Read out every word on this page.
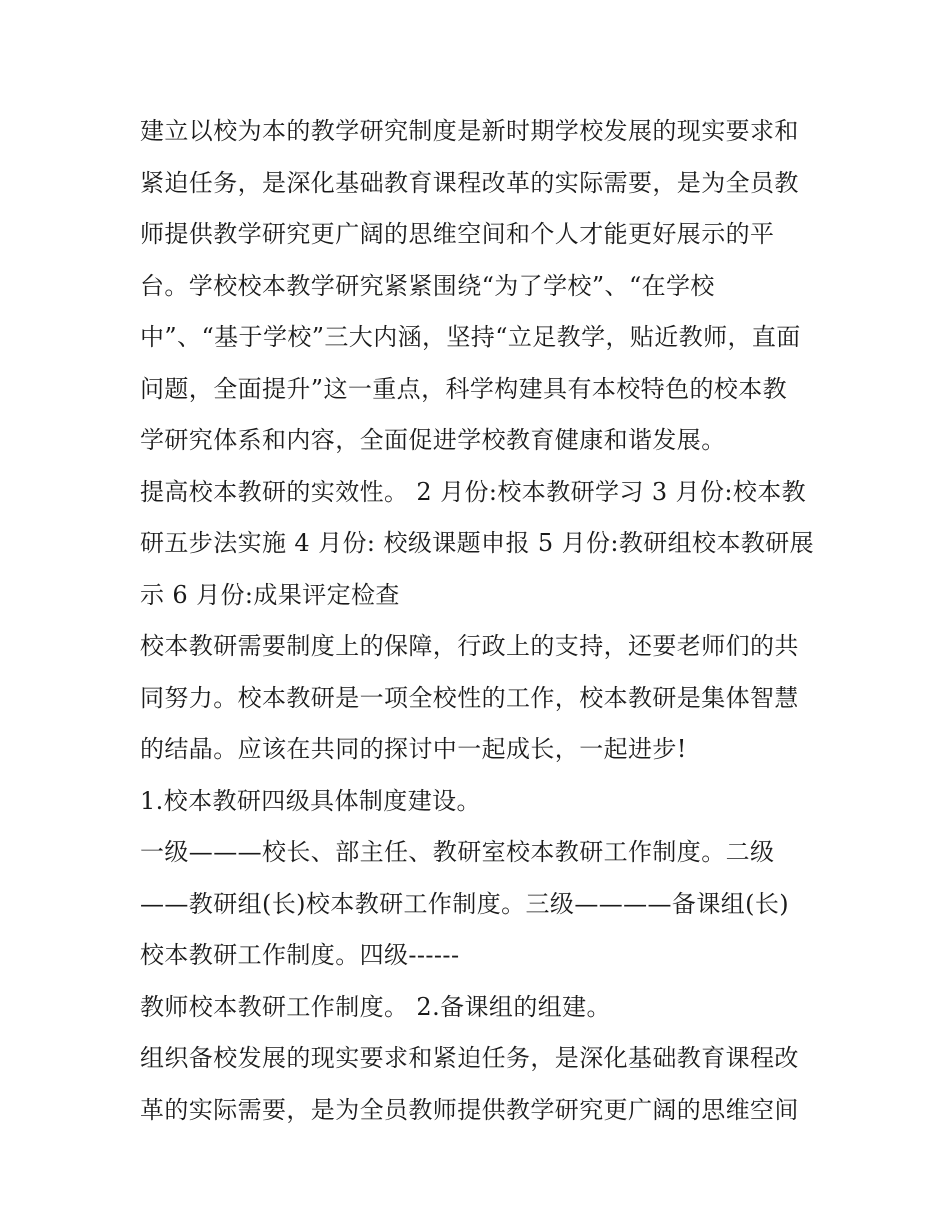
建立以校为本的教学研究制度是新时期学校发展的现实要求和
紧迫任务，是深化基础教育课程改革的实际需要，是为全员教
师提供教学研究更广阔的思维空间和个人才能更好展示的平
台。学校校本教学研究紧紧围绕“为了学校”、“在学校
中”、“基于学校”三大内涵，坚持“立足教学，贴近教师，直面
问题，全面提升”这一重点，科学构建具有本校特色的校本教
学研究体系和内容，全面促进学校教育健康和谐发展。
提高校本教研的实效性。 2 月份:校本教研学习 3 月份:校本教
研五步法实施 4 月份: 校级课题申报 5 月份:教研组校本教研展
示 6 月份:成果评定检查
校本教研需要制度上的保障，行政上的支持，还要老师们的共
同努力。校本教研是一项全校性的工作，校本教研是集体智慧
的结晶。应该在共同的探讨中一起成长，一起进步!
1.校本教研四级具体制度建设。
一级———校长、部主任、教研室校本教研工作制度。二级
——教研组(长)校本教研工作制度。三级————备课组(长)
校本教研工作制度。四级------
教师校本教研工作制度。 2.备课组的组建。
组织备校发展的现实要求和紧迫任务，是深化基础教育课程改
革的实际需要，是为全员教师提供教学研究更广阔的思维空间
